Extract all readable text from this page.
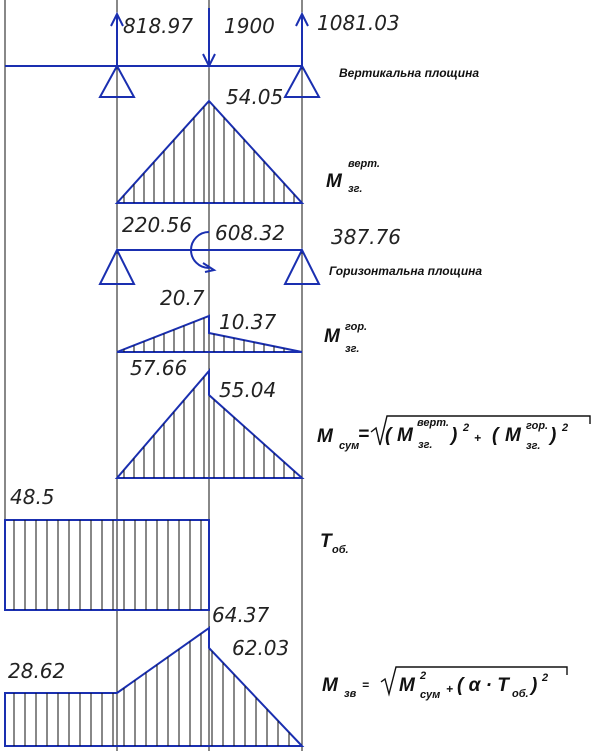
818.97 1900 1081.03
Вертикальна площина
54.05
M
верт.
зг.
220.56 608.32 387.76
Горизонтальна площина
20.7
10.37
M гор.
зг.
57.66
55.04
M сум
= ( M
верт.
зг. ) 2
+ ( M гор.
зг. ) 2
48.5
T об.
64.37
62.03
28.62
M зв
= M 2
сум + ( α · T об. ) 2
